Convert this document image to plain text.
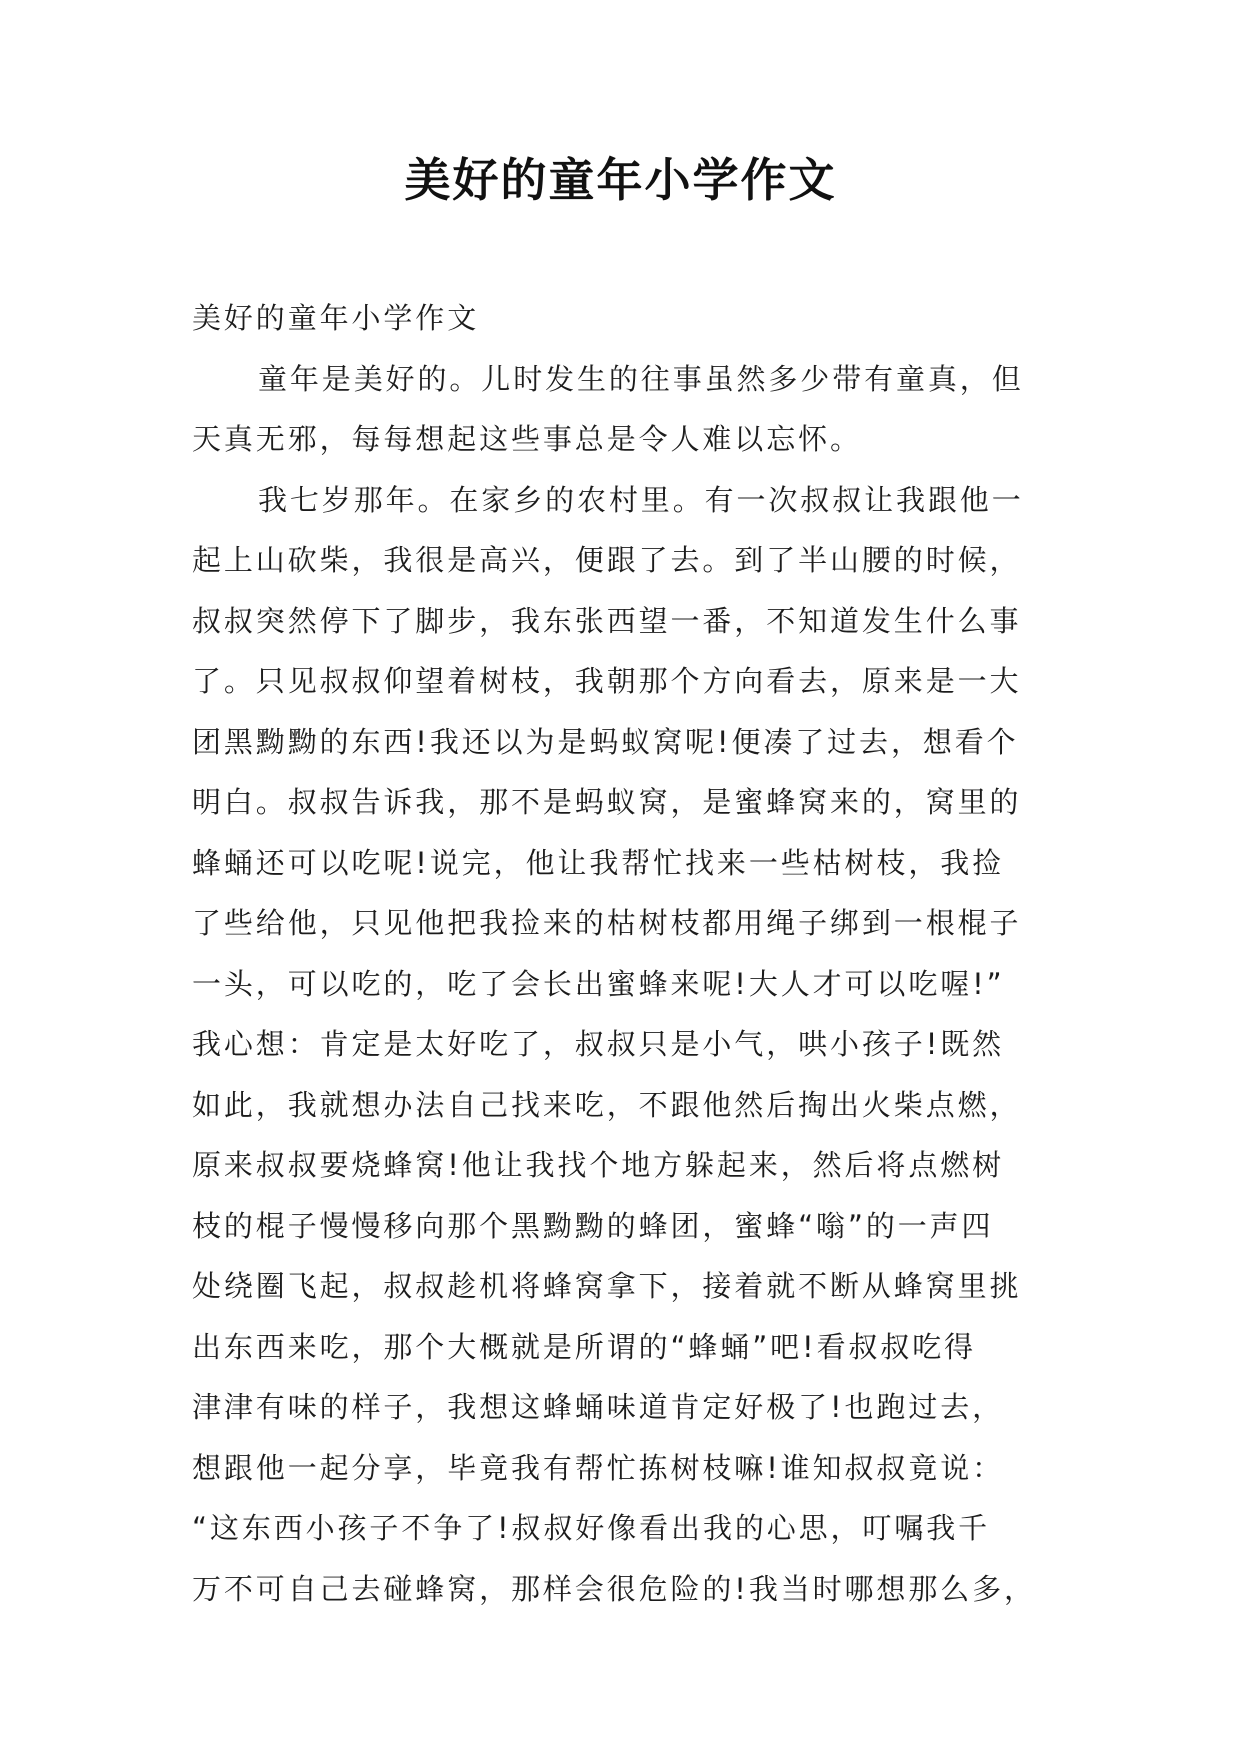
美好的童年小学作文
美好的童年小学作文
童年是美好的。儿时发生的往事虽然多少带有童真，但
天真无邪，每每想起这些事总是令人难以忘怀。
我七岁那年。在家乡的农村里。有一次叔叔让我跟他一
起上山砍柴，我很是高兴，便跟了去。到了半山腰的时候，
叔叔突然停下了脚步，我东张西望一番，不知道发生什么事
了。只见叔叔仰望着树枝，我朝那个方向看去，原来是一大
团黑黝黝的东西!我还以为是蚂蚁窝呢!便凑了过去，想看个
明白。叔叔告诉我，那不是蚂蚁窝，是蜜蜂窝来的，窝里的
蜂蛹还可以吃呢!说完，他让我帮忙找来一些枯树枝，我捡
了些给他，只见他把我捡来的枯树枝都用绳子绑到一根棍子
一头，可以吃的，吃了会长出蜜蜂来呢!大人才可以吃喔!”
我心想：肯定是太好吃了，叔叔只是小气，哄小孩子!既然
如此，我就想办法自己找来吃，不跟他然后掏出火柴点燃，
原来叔叔要烧蜂窝!他让我找个地方躲起来，然后将点燃树
枝的棍子慢慢移向那个黑黝黝的蜂团，蜜蜂“嗡”的一声四
处绕圈飞起，叔叔趁机将蜂窝拿下，接着就不断从蜂窝里挑
出东西来吃，那个大概就是所谓的“蜂蛹”吧!看叔叔吃得
津津有味的样子，我想这蜂蛹味道肯定好极了!也跑过去，
想跟他一起分享，毕竟我有帮忙拣树枝嘛!谁知叔叔竟说：
“这东西小孩子不争了!叔叔好像看出我的心思，叮嘱我千
万不可自己去碰蜂窝，那样会很危险的!我当时哪想那么多，
